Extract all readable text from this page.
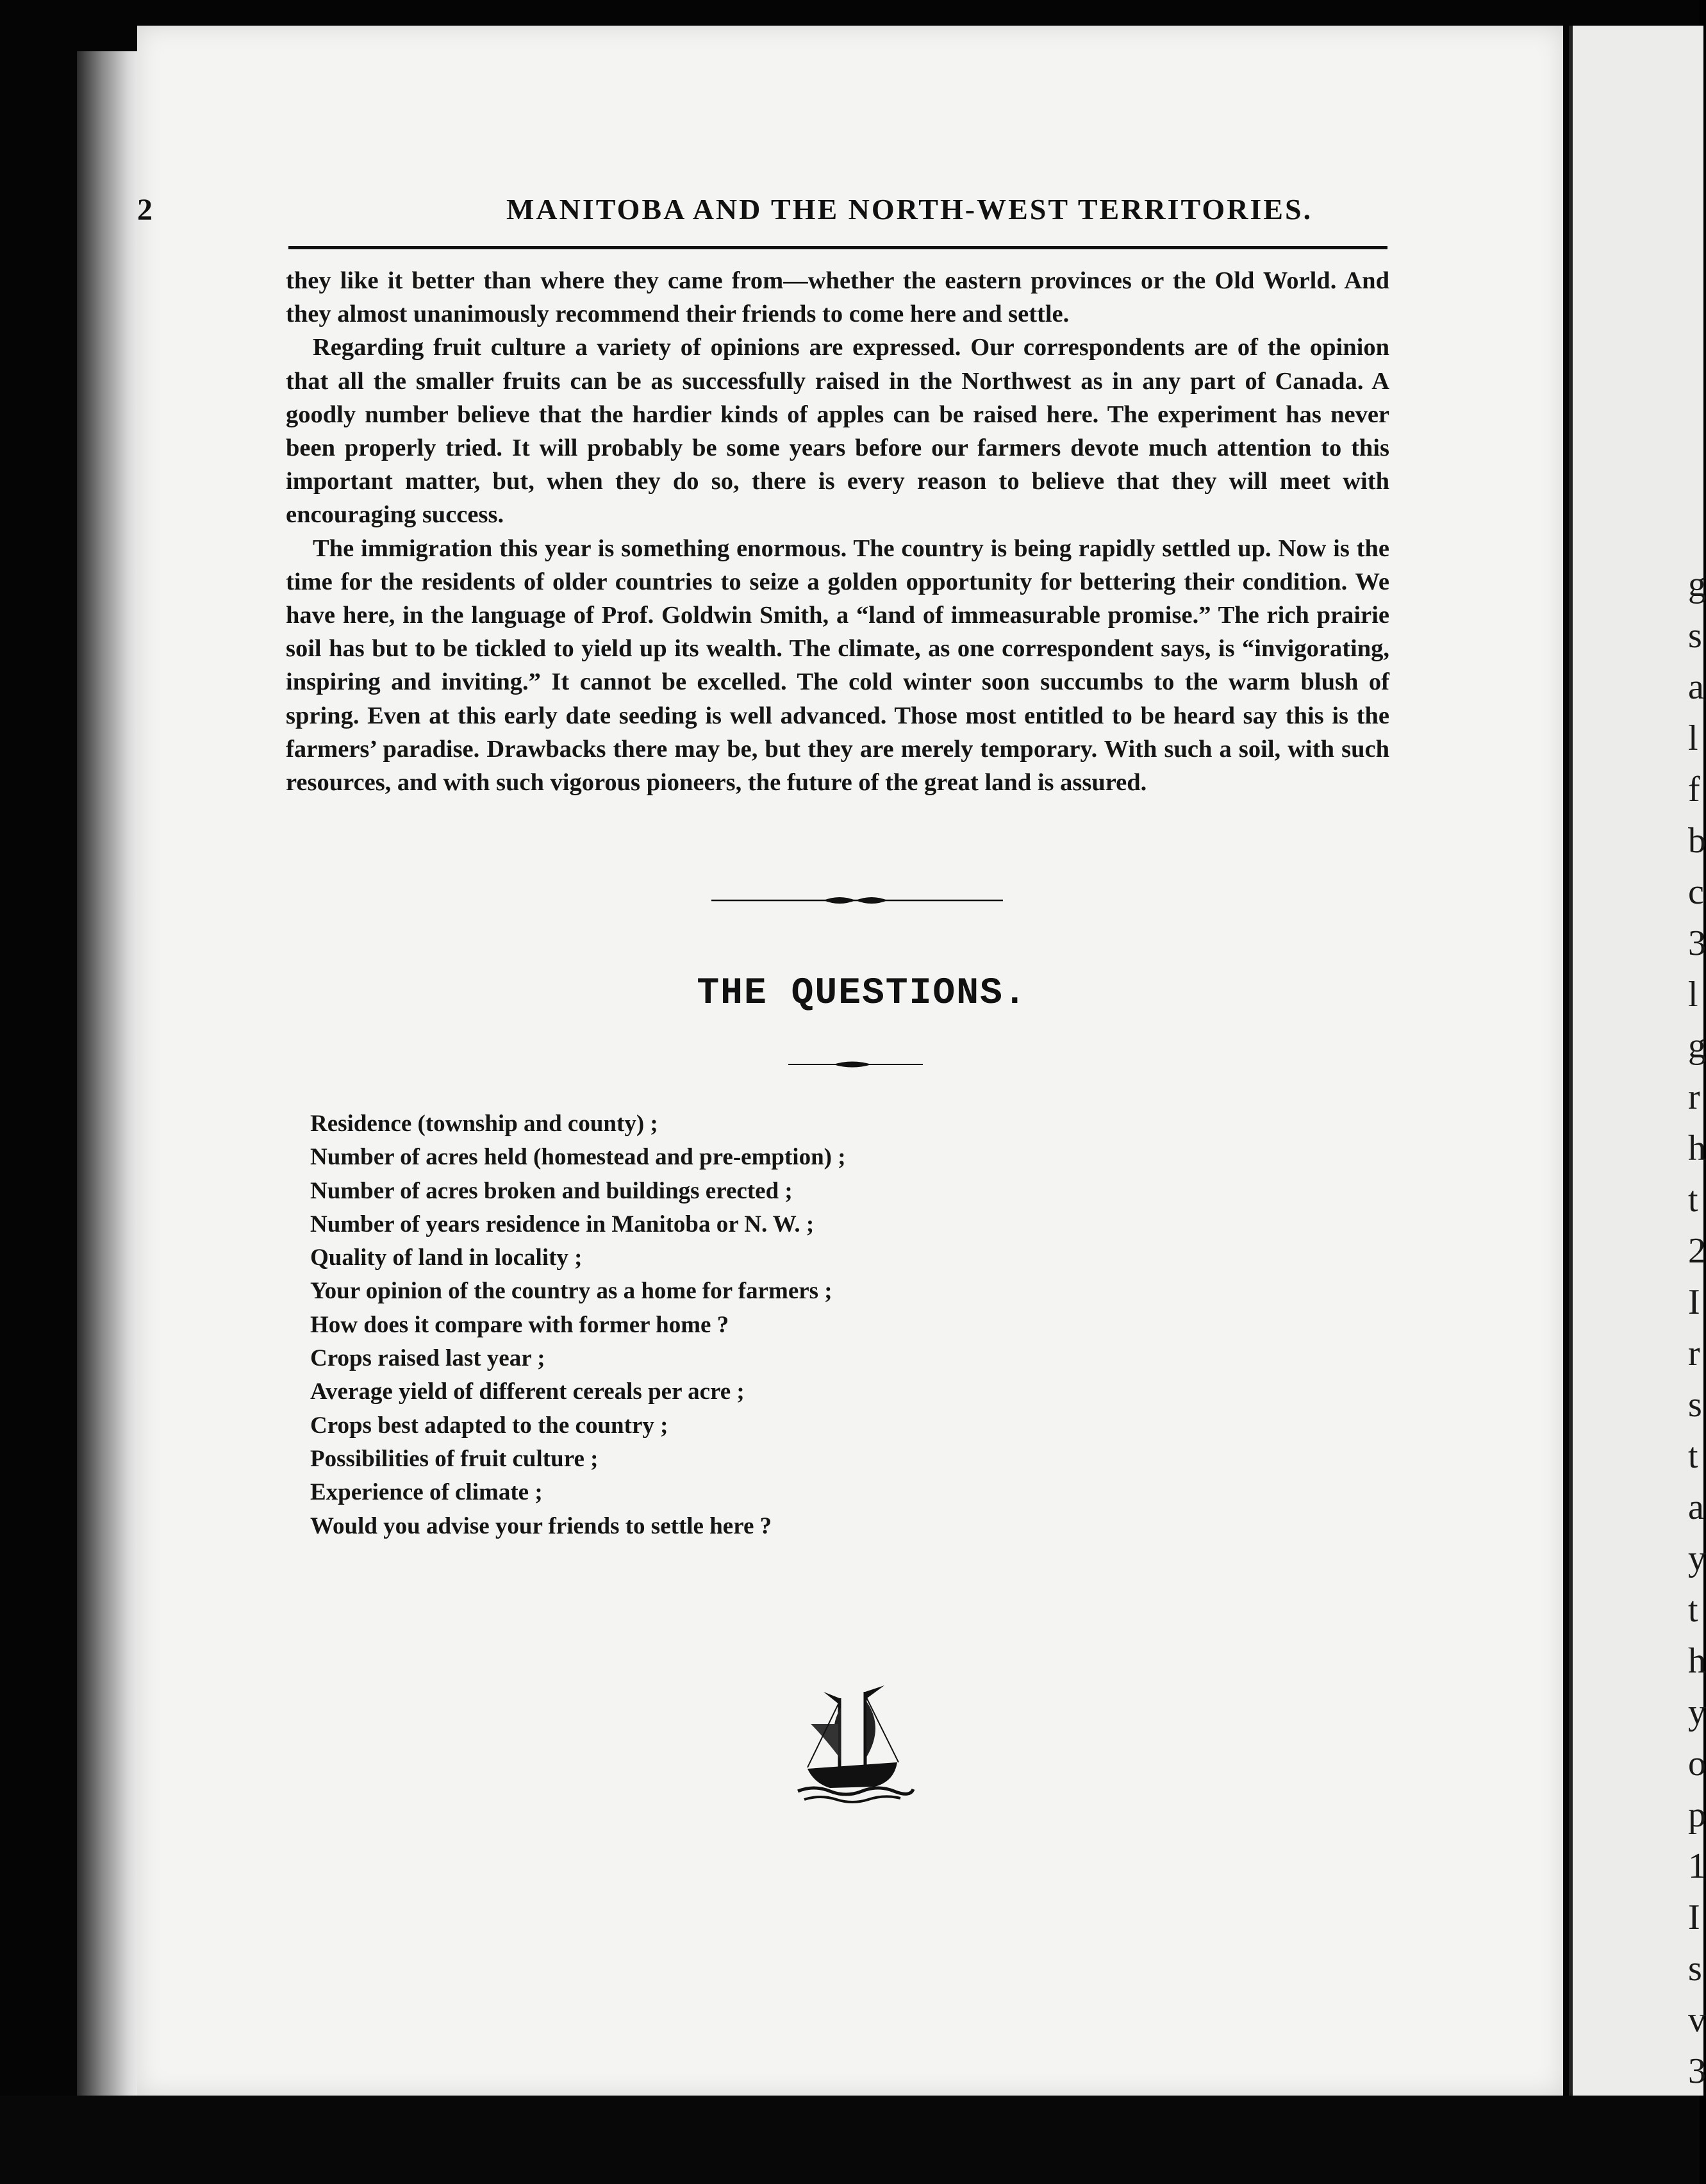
g
s
a
l
f
b
c
3
l
g
r
h
t
2
I
r
s
t
a
y
t
h
y
o
p
1
I
s
v
3
2	MANITOBA AND THE NORTH-WEST TERRITORIES.

they like it better than where they came from—whether the eastern provinces or the Old World. And they almost unanimously recommend their friends to come here and settle.

Regarding fruit culture a variety of opinions are expressed. Our correspondents are of the opinion that all the smaller fruits can be as successfully raised in the Northwest as in any part of Canada. A goodly number believe that the hardier kinds of apples can be raised here. The experiment has never been properly tried. It will probably be some years before our farmers devote much attention to this important matter, but, when they do so, there is every reason to believe that they will meet with encouraging success.

The immigration this year is something enormous. The country is being rapidly settled up. Now is the time for the residents of older countries to seize a golden opportunity for bettering their condition. We have here, in the language of Prof. Goldwin Smith, a “land of immeasurable promise.” The rich prairie soil has but to be tickled to yield up its wealth. The climate, as one correspondent says, is “invigorating, inspiring and inviting.” It cannot be excelled. The cold winter soon succumbs to the warm blush of spring. Even at this early date seeding is well advanced. Those most entitled to be heard say this is the farmers’ paradise. Drawbacks there may be, but they are merely temporary. With such a soil, with such resources, and with such vigorous pioneers, the future of the great land is assured.

THE QUESTIONS.
Residence (township and county) ;
Number of acres held (homestead and pre-emption) ;
Number of acres broken and buildings erected ;
Number of years residence in Manitoba or N. W. ;
Quality of land in locality ;
Your opinion of the country as a home for farmers ;
How does it compare with former home ?
Crops raised last year ;
Average yield of different cereals per acre ;
Crops best adapted to the country ;
Possibilities of fruit culture ;
Experience of climate ;
Would you advise your friends to settle here ?
